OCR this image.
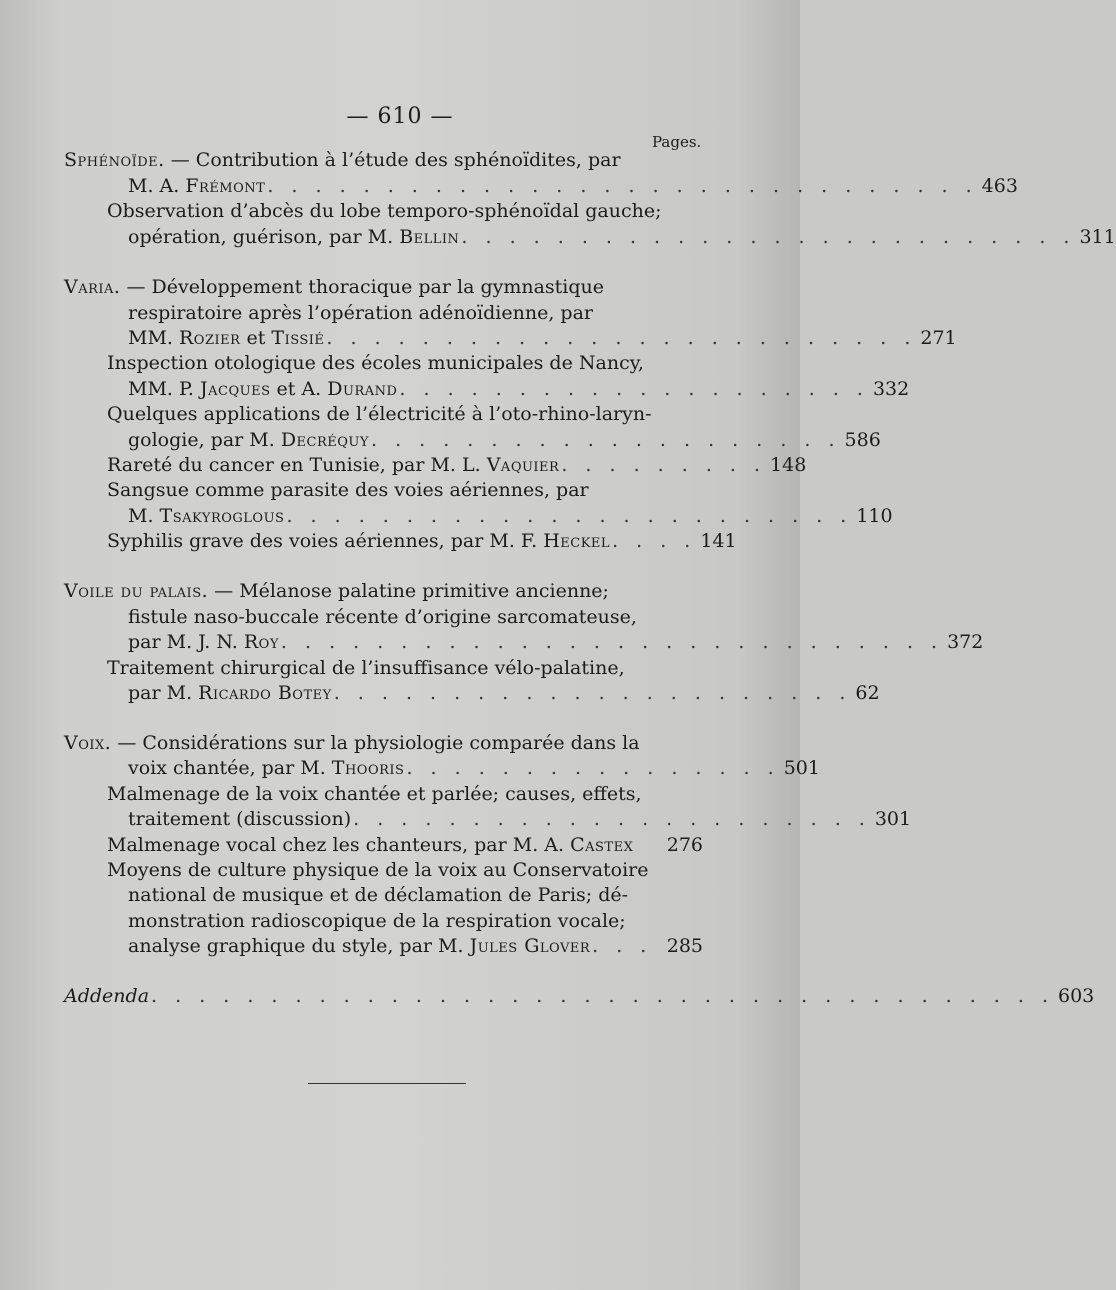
— 610 —
Pages.
Sphénoïde. — Contribution à l’étude des sphénoïdites, par
M. A. Frémont . . . . . . . . . . . . . . . . . . . . . . . . . . . . . . 463
Observation d’abcès du lobe temporo-sphénoïdal gauche;
opération, guérison, par M. Bellin . . . . . . . . . . . . . . . . . . . . . . . . . . 311
Varia. — Développement thoracique par la gymnastique
respiratoire après l’opération adénoïdienne, par
MM. Rozier et Tissié . . . . . . . . . . . . . . . . . . . . . . . . . 271
Inspection otologique des écoles municipales de Nancy,
MM. P. Jacques et A. Durand . . . . . . . . . . . . . . . . . . . . 332
Quelques applications de l’électricité à l’oto-rhino-laryn-
gologie, par M. Decréquy . . . . . . . . . . . . . . . . . . . . 586
Rareté du cancer en Tunisie, par M. L. Vaquier . . . . . . . . . 148
Sangsue comme parasite des voies aériennes, par
M. Tsakyroglous . . . . . . . . . . . . . . . . . . . . . . . . 110
Syphilis grave des voies aériennes, par M. F. Heckel . . . . 141
Voile du palais. — Mélanose palatine primitive ancienne;
fistule naso-buccale récente d’origine sarcomateuse,
par M. J. N. Roy . . . . . . . . . . . . . . . . . . . . . . . . . . . . 372
Traitement chirurgical de l’insuffisance vélo-palatine,
par M. Ricardo Botey . . . . . . . . . . . . . . . . . . . . . . 62
Voix. — Considérations sur la physiologie comparée dans la
voix chantée, par M. Thooris . . . . . . . . . . . . . . . . 501
Malmenage de la voix chantée et parlée; causes, effets,
traitement (discussion) . . . . . . . . . . . . . . . . . . . . . . 301
Malmenage vocal chez les chanteurs, par M. A. Castex 276
Moyens de culture physique de la voix au Conservatoire
national de musique et de déclamation de Paris; dé-
monstration radioscopique de la respiration vocale;
analyse graphique du style, par M. Jules Glover . . . 285
Addenda . . . . . . . . . . . . . . . . . . . . . . . . . . . . . . . . . . . . . . 603
